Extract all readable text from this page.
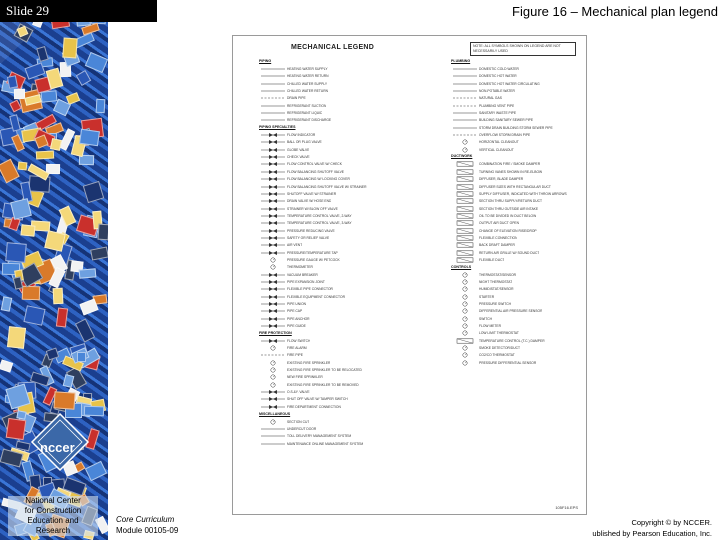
Slide 29	Figure 16 – Mechanical plan legend
nccer
National Center
for Construction
Education and
Research
Core Curriculum
Module 00105-09
Copyright © by NCCER.
ublished by Pearson Education, Inc.
MECHANICAL LEGEND	NOTE: ALL SYMBOLS SHOWN ON LEGEND ARE NOT NECESSARILY USED
PIPING
HEATING WATER SUPPLY
HEATING WATER RETURN
CHILLED WATER SUPPLY
CHILLED WATER RETURN
DRAIN PIPE
REFRIGERANT SUCTION
REFRIGERANT LIQUID
REFRIGERANT DISCHARGE
PIPING SPECIALTIES
FLOW INDICATOR
BALL OR PLUG VALVE
GLOBE VALVE
CHECK VALVE
FLOW CONTROL VALVE W/ CHECK
FLOW BALANCING SHUTOFF VALVE
FLOW BALANCING W/ LOCKING COVER
FLOW BALANCING SHUTOFF VALVE W/ STRAINER
SHUTOFF VALVE W/ STRAINER
DRAIN VALVE W/ HOSE END
STRAINER W/ BLOW OFF VALVE
TEMPERATURE CONTROL VALVE, 2-WAY
TEMPERATURE CONTROL VALVE, 3-WAY
PRESSURE REDUCING VALVE
SAFETY OR RELIEF VALVE
AIR VENT
PRESSURE/TEMPERATURE TAP
PRESSURE GAUGE W/ PETCOCK
THERMOMETER
VACUUM BREAKER
PIPE EXPANSION JOINT
FLEXIBLE PIPE CONNECTOR
FLEXIBLE EQUIPMENT CONNECTOR
PIPE UNION
PIPE CAP
PIPE ANCHOR
PIPE GUIDE
FIRE PROTECTION
FLOW SWITCH
FIRE ALARM
FIRE PIPE
EXISTING FIRE SPRINKLER
EXISTING FIRE SPRINKLER TO BE RELOCATED
NEW FIRE SPRINKLER
EXISTING FIRE SPRINKLER TO BE REMOVED
O.S.&Y. VALVE
SHUT OFF VALVE W/ TAMPER SWITCH
FIRE DEPARTMENT CONNECTION
MISCELLANEOUS
SECTION CUT
UNDERCUT DOOR
TOLL DELIVERY MANAGEMENT SYSTEM
MAINTENANCE ONLINE MANAGEMENT SYSTEM
PLUMBING
DOMESTIC COLD WATER
DOMESTIC HOT WATER
DOMESTIC HOT WATER CIRCULATING
NON-POTABLE WATER
NATURAL GAS
PLUMBING VENT PIPE
SANITARY WASTE PIPE
BUILDING SANITARY SEWER PIPE
STORM DRAIN BUILDING STORM SEWER PIPE
OVERFLOW STORM DRAIN PIPE
HORIZONTAL CLEANOUT
VERTICAL CLEANOUT
DUCTWORK
COMBINATION FIRE / SMOKE DAMPER
TURNING VANES SHOWN IN RE-ELBOW
DIFFUSER, BLADE DAMPER
DIFFUSER SIZES WITH RECTANGULAR DUCT
SUPPLY DIFFUSER, INDICATED WITH THROW ARROWS
SECTION THRU SUPPLY/RETURN DUCT
SECTION THRU OUTSIDE AIR INTAKE
OIL TO BE DIVIDED IN DUCT BELOW
OUTPUT AIR DUCT OPEN
CHANGE OF ELEVATION RISE/DROP
FLEXIBLE CONNECTION
BACK DRAFT DAMPER
RETURN AIR GRILLE W/ SOUND DUCT
FLEXIBLE DUCT
CONTROLS
THERMOSTAT/SENSOR
NIGHT THERMOSTAT
HUMIDISTAT/SENSOR
STARTER
PRESSURE SWITCH
DIFFERENTIAL AIR PRESSURE SENSOR
SWITCH
FLOW METER
LOW LIMIT THERMOSTAT
TEMPERATURE CONTROL (T.C.) DAMPER
SMOKE DETECTOR/DUCT
CO2/CO THERMOSTAT
PRESSURE DIFFERENTIAL SENSOR
105F16.EPS
